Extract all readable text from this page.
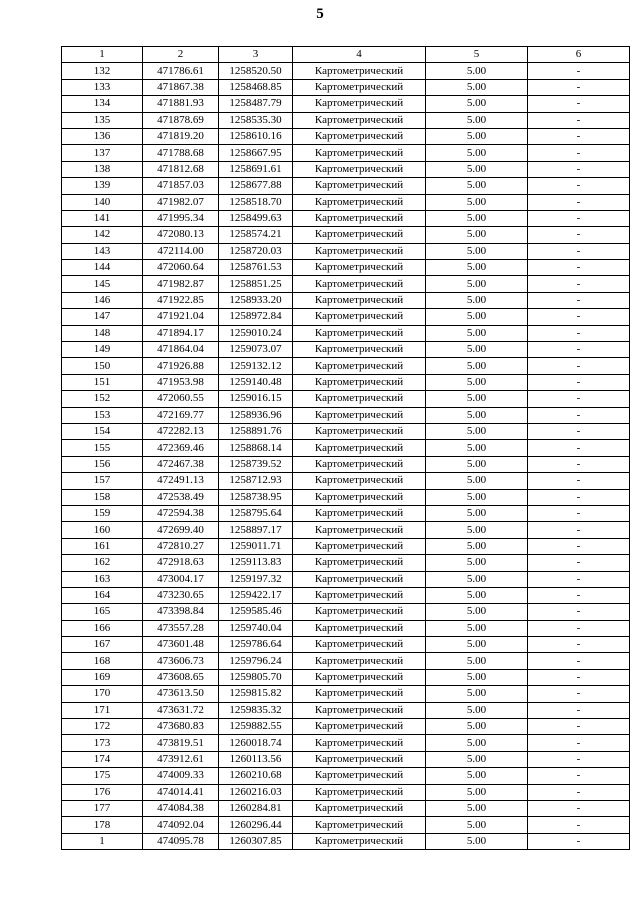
5
1	2	3	4	5	6
132	471786.61	1258520.50	Картометрический	5.00	-
133	471867.38	1258468.85	Картометрический	5.00	-
134	471881.93	1258487.79	Картометрический	5.00	-
135	471878.69	1258535.30	Картометрический	5.00	-
136	471819.20	1258610.16	Картометрический	5.00	-
137	471788.68	1258667.95	Картометрический	5.00	-
138	471812.68	1258691.61	Картометрический	5.00	-
139	471857.03	1258677.88	Картометрический	5.00	-
140	471982.07	1258518.70	Картометрический	5.00	-
141	471995.34	1258499.63	Картометрический	5.00	-
142	472080.13	1258574.21	Картометрический	5.00	-
143	472114.00	1258720.03	Картометрический	5.00	-
144	472060.64	1258761.53	Картометрический	5.00	-
145	471982.87	1258851.25	Картометрический	5.00	-
146	471922.85	1258933.20	Картометрический	5.00	-
147	471921.04	1258972.84	Картометрический	5.00	-
148	471894.17	1259010.24	Картометрический	5.00	-
149	471864.04	1259073.07	Картометрический	5.00	-
150	471926.88	1259132.12	Картометрический	5.00	-
151	471953.98	1259140.48	Картометрический	5.00	-
152	472060.55	1259016.15	Картометрический	5.00	-
153	472169.77	1258936.96	Картометрический	5.00	-
154	472282.13	1258891.76	Картометрический	5.00	-
155	472369.46	1258868.14	Картометрический	5.00	-
156	472467.38	1258739.52	Картометрический	5.00	-
157	472491.13	1258712.93	Картометрический	5.00	-
158	472538.49	1258738.95	Картометрический	5.00	-
159	472594.38	1258795.64	Картометрический	5.00	-
160	472699.40	1258897.17	Картометрический	5.00	-
161	472810.27	1259011.71	Картометрический	5.00	-
162	472918.63	1259113.83	Картометрический	5.00	-
163	473004.17	1259197.32	Картометрический	5.00	-
164	473230.65	1259422.17	Картометрический	5.00	-
165	473398.84	1259585.46	Картометрический	5.00	-
166	473557.28	1259740.04	Картометрический	5.00	-
167	473601.48	1259786.64	Картометрический	5.00	-
168	473606.73	1259796.24	Картометрический	5.00	-
169	473608.65	1259805.70	Картометрический	5.00	-
170	473613.50	1259815.82	Картометрический	5.00	-
171	473631.72	1259835.32	Картометрический	5.00	-
172	473680.83	1259882.55	Картометрический	5.00	-
173	473819.51	1260018.74	Картометрический	5.00	-
174	473912.61	1260113.56	Картометрический	5.00	-
175	474009.33	1260210.68	Картометрический	5.00	-
176	474014.41	1260216.03	Картометрический	5.00	-
177	474084.38	1260284.81	Картометрический	5.00	-
178	474092.04	1260296.44	Картометрический	5.00	-
1	474095.78	1260307.85	Картометрический	5.00	-
